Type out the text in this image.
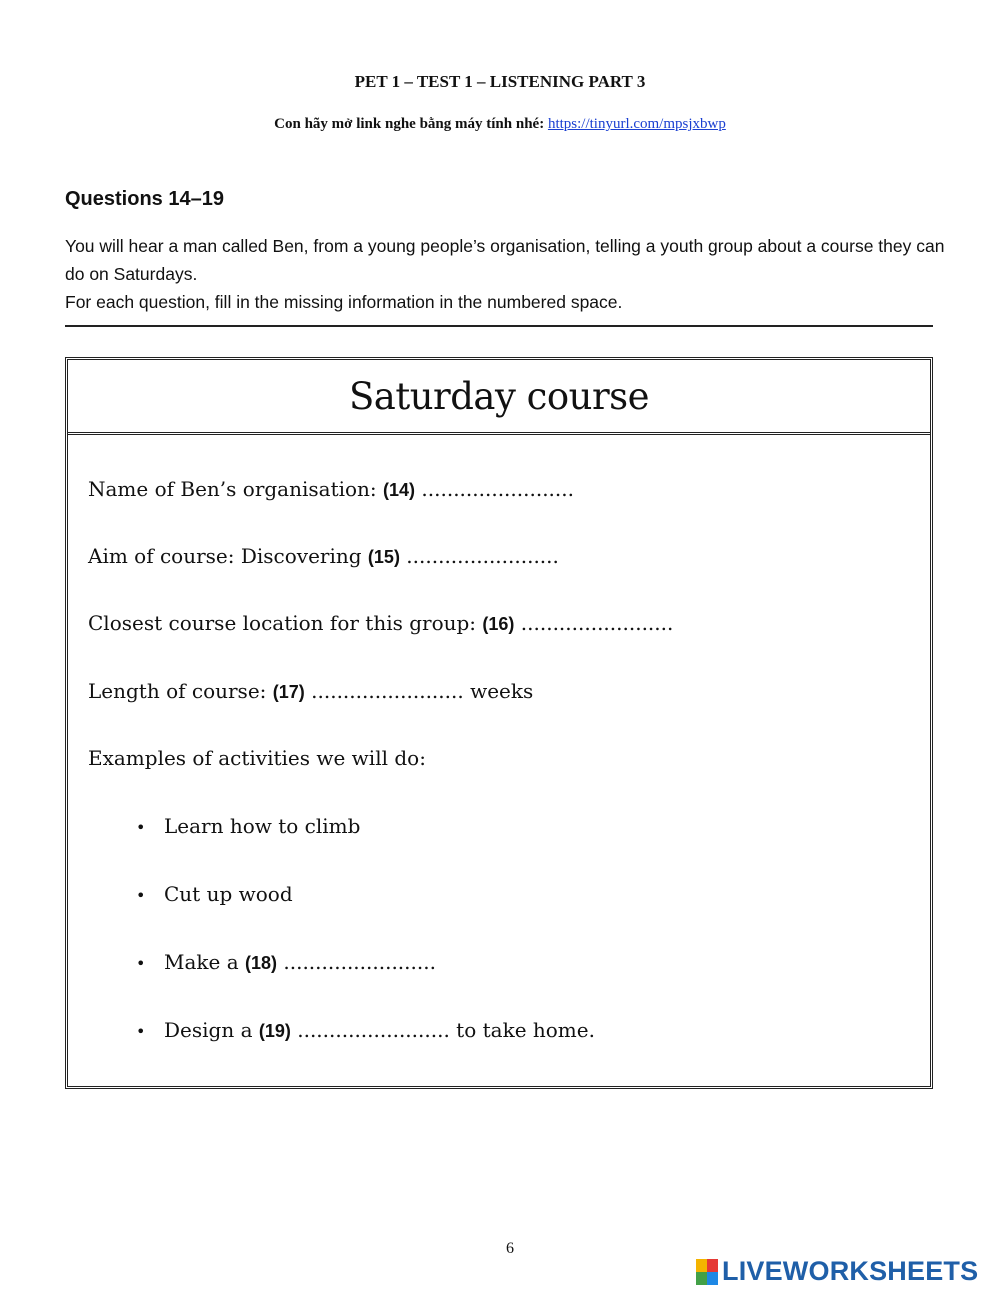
PET 1 – TEST 1 – LISTENING PART 3
Con hãy mở link nghe bằng máy tính nhé: https://tinyurl.com/mpsjxbwp
Questions 14–19
You will hear a man called Ben, from a young people’s organisation, telling a youth group about a course they can do on Saturdays.
For each question, fill in the missing information in the numbered space.
Saturday course
Name of Ben’s organisation: (14) ........................
Aim of course: Discovering (15) ........................
Closest course location for this group: (16) ........................
Length of course: (17) ........................ weeks
Examples of activities we will do:
• Learn how to climb
• Cut up wood
• Make a (18) ........................
• Design a (19) ........................ to take home.
6
LIVEWORKSHEETS
